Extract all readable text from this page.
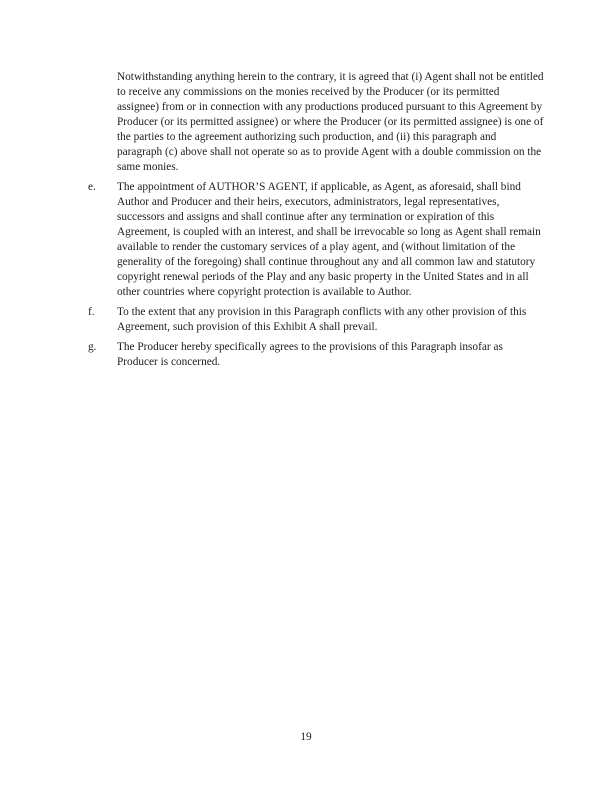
Notwithstanding anything herein to the contrary, it is agreed that (i) Agent shall not be entitled to receive any commissions on the monies received by the Producer (or its permitted assignee) from or in connection with any productions produced pursuant to this Agreement by Producer (or its permitted assignee) or where the Producer (or its permitted assignee) is one of the parties to the agreement authorizing such production, and (ii) this paragraph and paragraph (c) above shall not operate so as to provide Agent with a double commission on the same monies.

e.	The appointment of AUTHOR’S AGENT, if applicable, as Agent, as aforesaid, shall bind Author and Producer and their heirs, executors, administrators, legal representatives, successors and assigns and shall continue after any termination or expiration of this Agreement, is coupled with an interest, and shall be irrevocable so long as Agent shall remain available to render the customary services of a play agent, and (without limitation of the generality of the foregoing) shall continue throughout any and all common law and statutory copyright renewal periods of the Play and any basic property in the United States and in all other countries where copyright protection is available to Author.

f.	To the extent that any provision in this Paragraph conflicts with any other provision of this Agreement, such provision of this Exhibit A shall prevail.

g.	The Producer hereby specifically agrees to the provisions of this Paragraph insofar as Producer is concerned.

19
